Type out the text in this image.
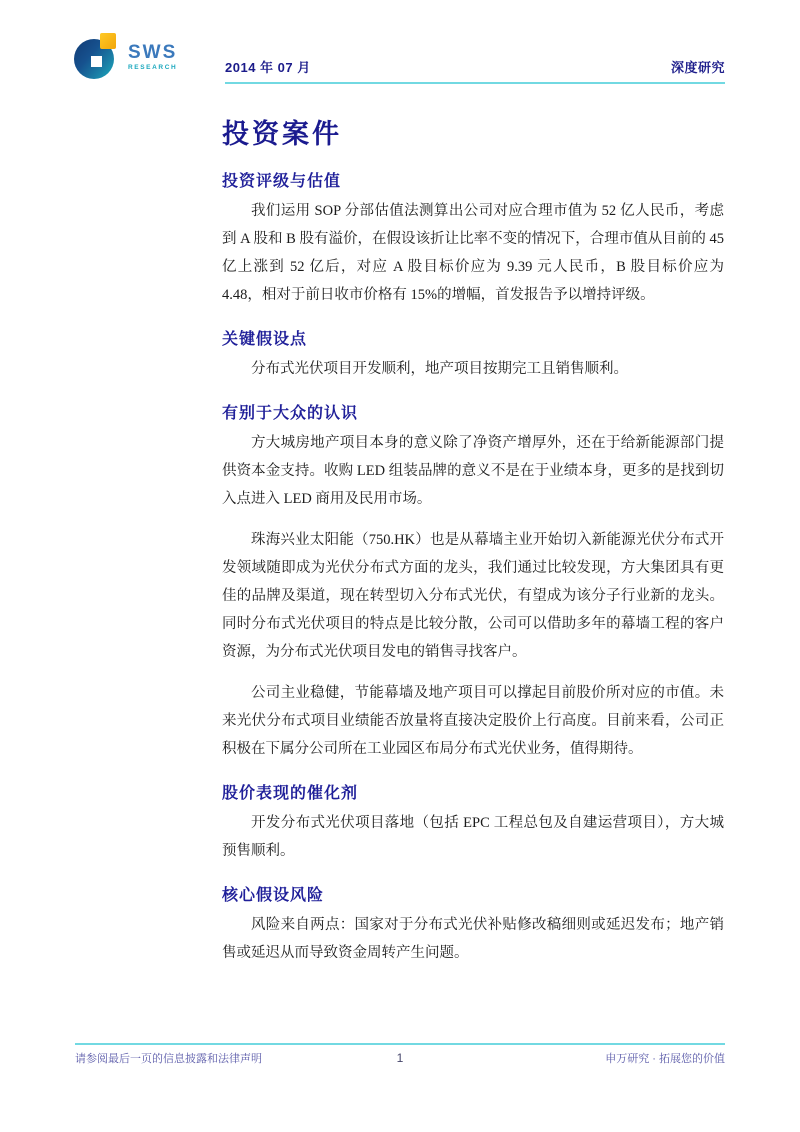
SWS
RESEARCH	2014 年 07 月	深度研究
投资案件
投资评级与估值

我们运用 SOP 分部估值法测算出公司对应合理市值为 52 亿人民币，考虑到 A 股和 B 股有溢价，在假设该折让比率不变的情况下，合理市值从目前的 45 亿上涨到 52 亿后，对应 A 股目标价应为 9.39 元人民币，B 股目标价应为 4.48，相对于前日收市价格有 15%的增幅，首发报告予以增持评级。

关键假设点

分布式光伏项目开发顺利，地产项目按期完工且销售顺利。

有别于大众的认识

方大城房地产项目本身的意义除了净资产增厚外，还在于给新能源部门提供资本金支持。收购 LED 组装品牌的意义不是在于业绩本身，更多的是找到切入点进入 LED 商用及民用市场。

珠海兴业太阳能（750.HK）也是从幕墙主业开始切入新能源光伏分布式开发领域随即成为光伏分布式方面的龙头，我们通过比较发现，方大集团具有更佳的品牌及渠道，现在转型切入分布式光伏，有望成为该分子行业新的龙头。同时分布式光伏项目的特点是比较分散，公司可以借助多年的幕墙工程的客户资源，为分布式光伏项目发电的销售寻找客户。

公司主业稳健，节能幕墙及地产项目可以撑起目前股价所对应的市值。未来光伏分布式项目业绩能否放量将直接决定股价上行高度。目前来看，公司正积极在下属分公司所在工业园区布局分布式光伏业务，值得期待。

股价表现的催化剂

开发分布式光伏项目落地（包括 EPC 工程总包及自建运营项目），方大城预售顺利。

核心假设风险

风险来自两点：国家对于分布式光伏补贴修改稿细则或延迟发布；地产销售或延迟从而导致资金周转产生问题。

请参阅最后一页的信息披露和法律声明	1	申万研究 · 拓展您的价值
